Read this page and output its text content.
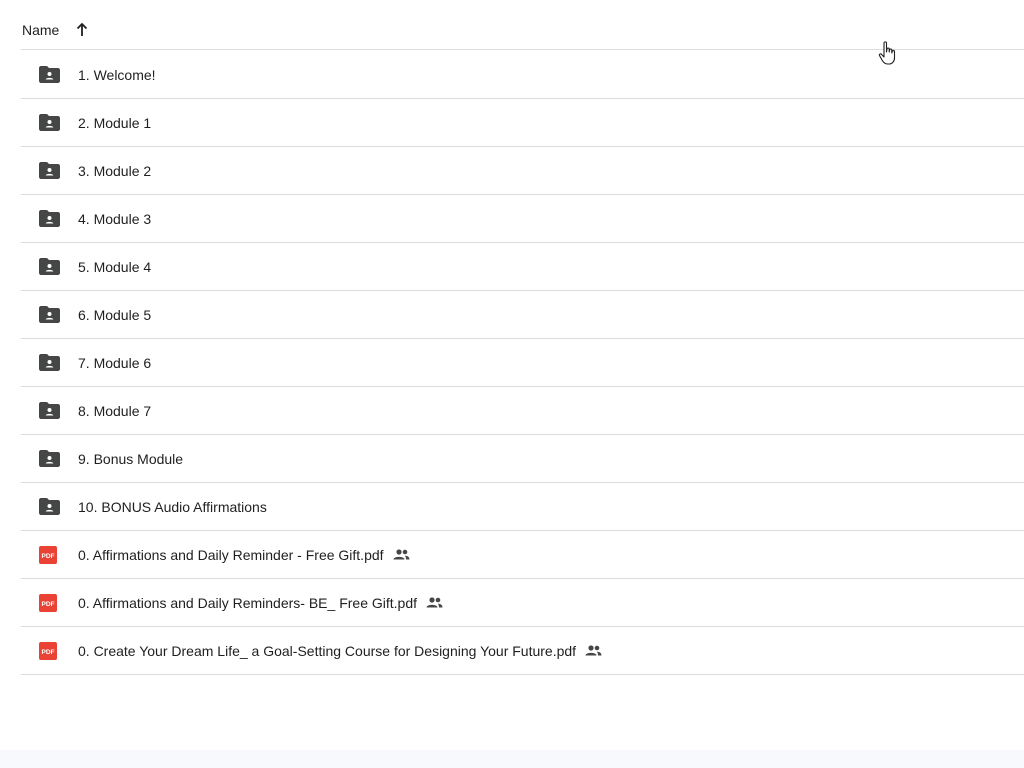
Name
1. Welcome!
2. Module 1
3. Module 2
4. Module 3
5. Module 4
6. Module 5
7. Module 6
8. Module 7
9. Bonus Module
10. BONUS Audio Affirmations
PDF 0. Affirmations and Daily Reminder - Free Gift.pdf
PDF 0. Affirmations and Daily Reminders- BE_ Free Gift.pdf
PDF 0. Create Your Dream Life_ a Goal-Setting Course for Designing Your Future.pdf
